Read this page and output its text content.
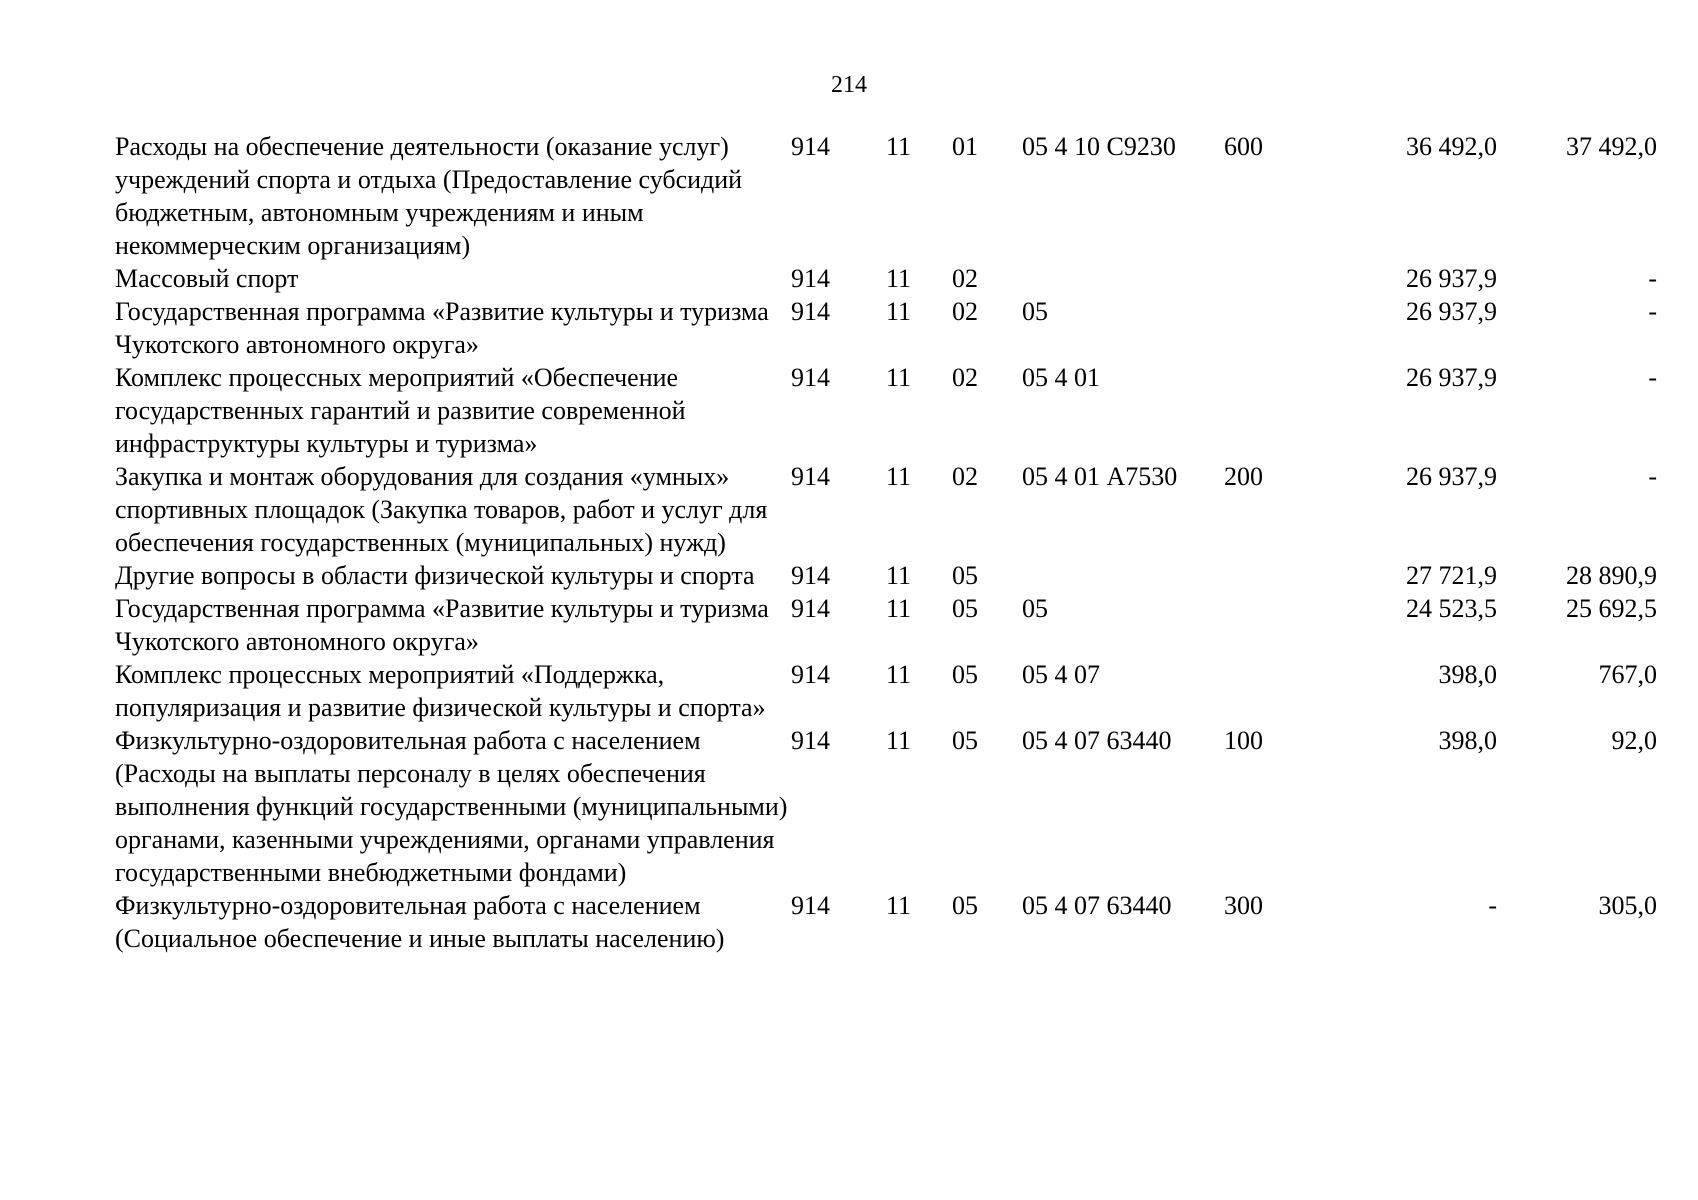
214
Расходы на обеспечение деятельности (оказание услуг) учреждений спорта и отдыха (Предоставление субсидий бюджетным, автономным учреждениям и иным некоммерческим организациям)	914	11	01	05 4 10 С9230	600	36 492,0	37 492,0
Массовый спорт	914	11	02			26 937,9	-
Государственная программа «Развитие культуры и туризма Чукотского автономного округа»	914	11	02	05		26 937,9	-
Комплекс процессных мероприятий «Обеспечение государственных гарантий и развитие современной инфраструктуры культуры и туризма»	914	11	02	05 4 01		26 937,9	-
Закупка и монтаж оборудования для создания «умных» спортивных площадок (Закупка товаров, работ и услуг для обеспечения государственных (муниципальных) нужд)	914	11	02	05 4 01 А7530	200	26 937,9	-
Другие вопросы в области физической культуры и спорта	914	11	05			27 721,9	28 890,9
Государственная программа «Развитие культуры и туризма Чукотского автономного округа»	914	11	05	05		24 523,5	25 692,5
Комплекс процессных мероприятий «Поддержка, популяризация и развитие физической культуры и спорта»	914	11	05	05 4 07		398,0	767,0
Физкультурно-оздоровительная работа с населением (Расходы на выплаты персоналу в целях обеспечения выполнения функций государственными (муниципальными) органами, казенными учреждениями, органами управления государственными внебюджетными фондами)	914	11	05	05 4 07 63440	100	398,0	92,0
Физкультурно-оздоровительная работа с населением (Социальное обеспечение и иные выплаты населению)	914	11	05	05 4 07 63440	300	-	305,0
